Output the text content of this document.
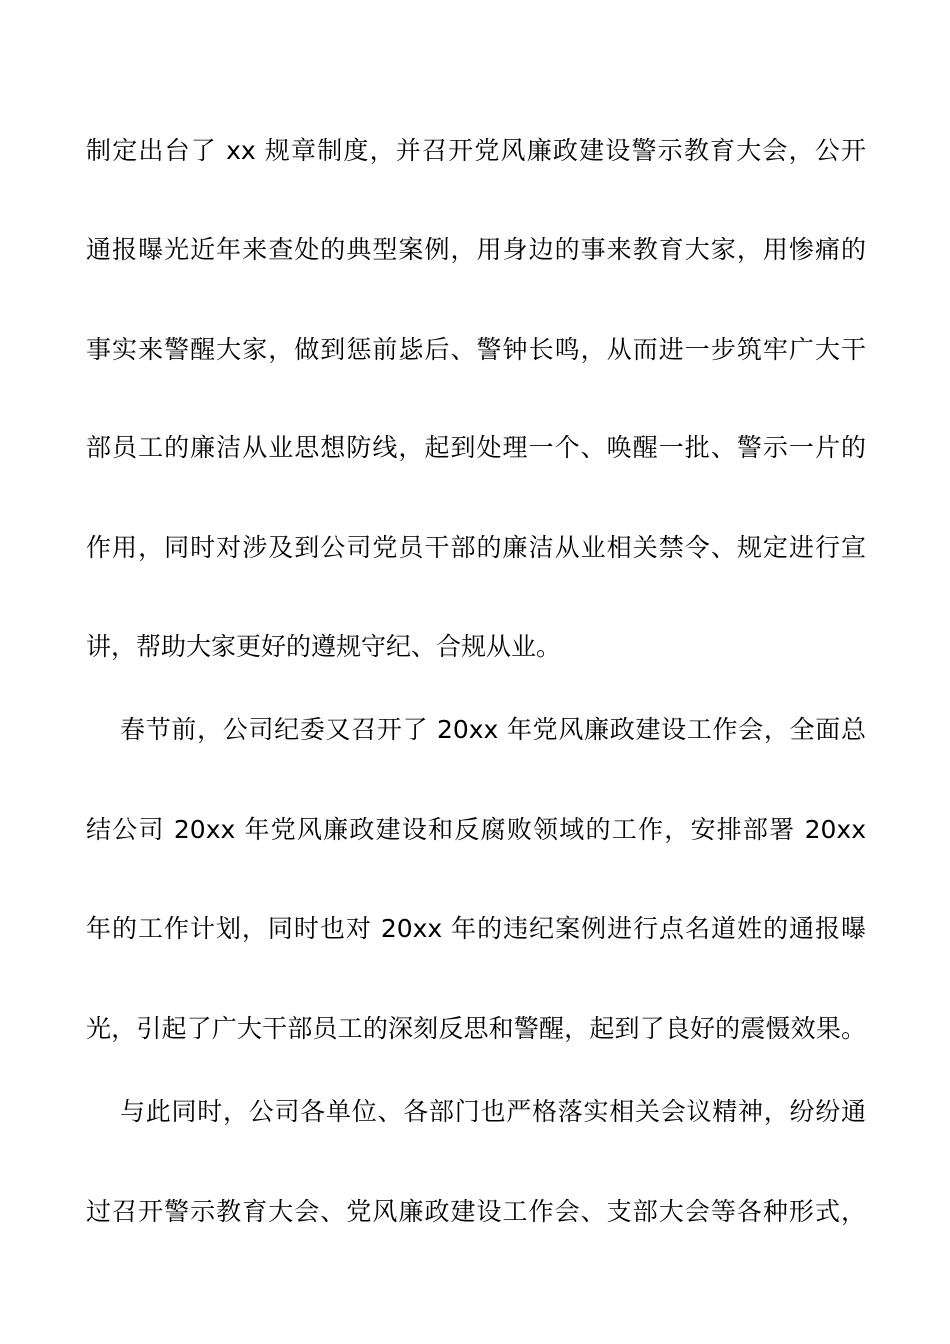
制定出台了 xx 规章制度，并召开党风廉政建设警示教育大会，公开
通报曝光近年来查处的典型案例，用身边的事来教育大家，用惨痛的
事实来警醒大家，做到惩前毖后、警钟长鸣，从而进一步筑牢广大干
部员工的廉洁从业思想防线，起到处理一个、唤醒一批、警示一片的
作用，同时对涉及到公司党员干部的廉洁从业相关禁令、规定进行宣
讲，帮助大家更好的遵规守纪、合规从业。
春节前，公司纪委又召开了 20xx 年党风廉政建设工作会，全面总
结公司 20xx 年党风廉政建设和反腐败领域的工作，安排部署 20xx
年的工作计划，同时也对 20xx 年的违纪案例进行点名道姓的通报曝
光，引起了广大干部员工的深刻反思和警醒，起到了良好的震慑效果。
与此同时，公司各单位、各部门也严格落实相关会议精神，纷纷通
过召开警示教育大会、党风廉政建设工作会、支部大会等各种形式，
